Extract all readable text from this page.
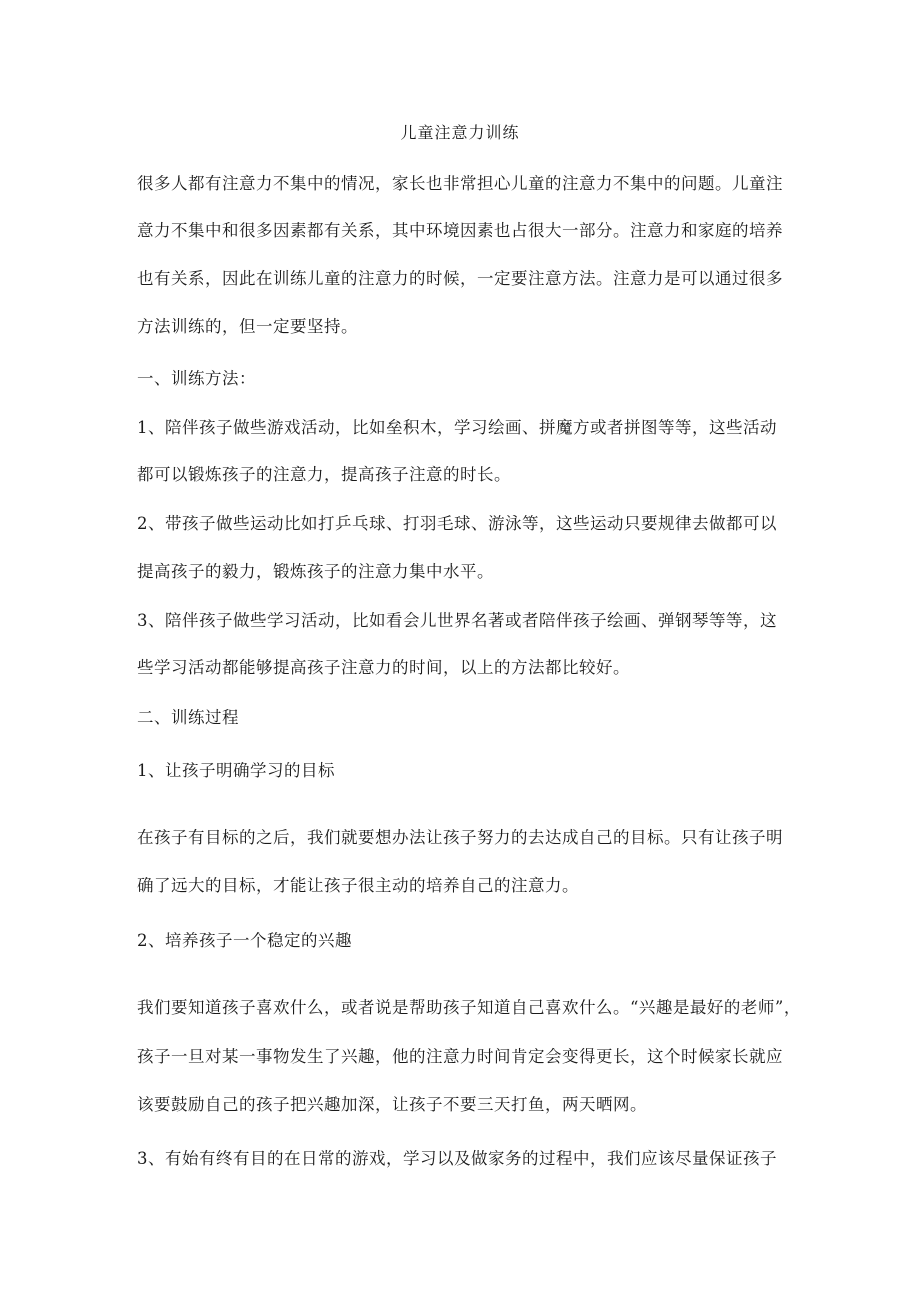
儿童注意力训练
很多人都有注意力不集中的情况，家长也非常担心儿童的注意力不集中的问题。儿童注
意力不集中和很多因素都有关系，其中环境因素也占很大一部分。注意力和家庭的培养
也有关系，因此在训练儿童的注意力的时候，一定要注意方法。注意力是可以通过很多
方法训练的，但一定要坚持。
一、训练方法：
1、陪伴孩子做些游戏活动，比如垒积木，学习绘画、拼魔方或者拼图等等，这些活动
都可以锻炼孩子的注意力，提高孩子注意的时长。
2、带孩子做些运动比如打乒乓球、打羽毛球、游泳等，这些运动只要规律去做都可以
提高孩子的毅力，锻炼孩子的注意力集中水平。
3、陪伴孩子做些学习活动，比如看会儿世界名著或者陪伴孩子绘画、弹钢琴等等，这
些学习活动都能够提高孩子注意力的时间，以上的方法都比较好。
二、训练过程
1、让孩子明确学习的目标
在孩子有目标的之后，我们就要想办法让孩子努力的去达成自己的目标。只有让孩子明
确了远大的目标，才能让孩子很主动的培养自己的注意力。
2、培养孩子一个稳定的兴趣
我们要知道孩子喜欢什么，或者说是帮助孩子知道自己喜欢什么。“兴趣是最好的老师”，
孩子一旦对某一事物发生了兴趣，他的注意力时间肯定会变得更长，这个时候家长就应
该要鼓励自己的孩子把兴趣加深，让孩子不要三天打鱼，两天晒网。
3、有始有终有目的在日常的游戏，学习以及做家务的过程中，我们应该尽量保证孩子
